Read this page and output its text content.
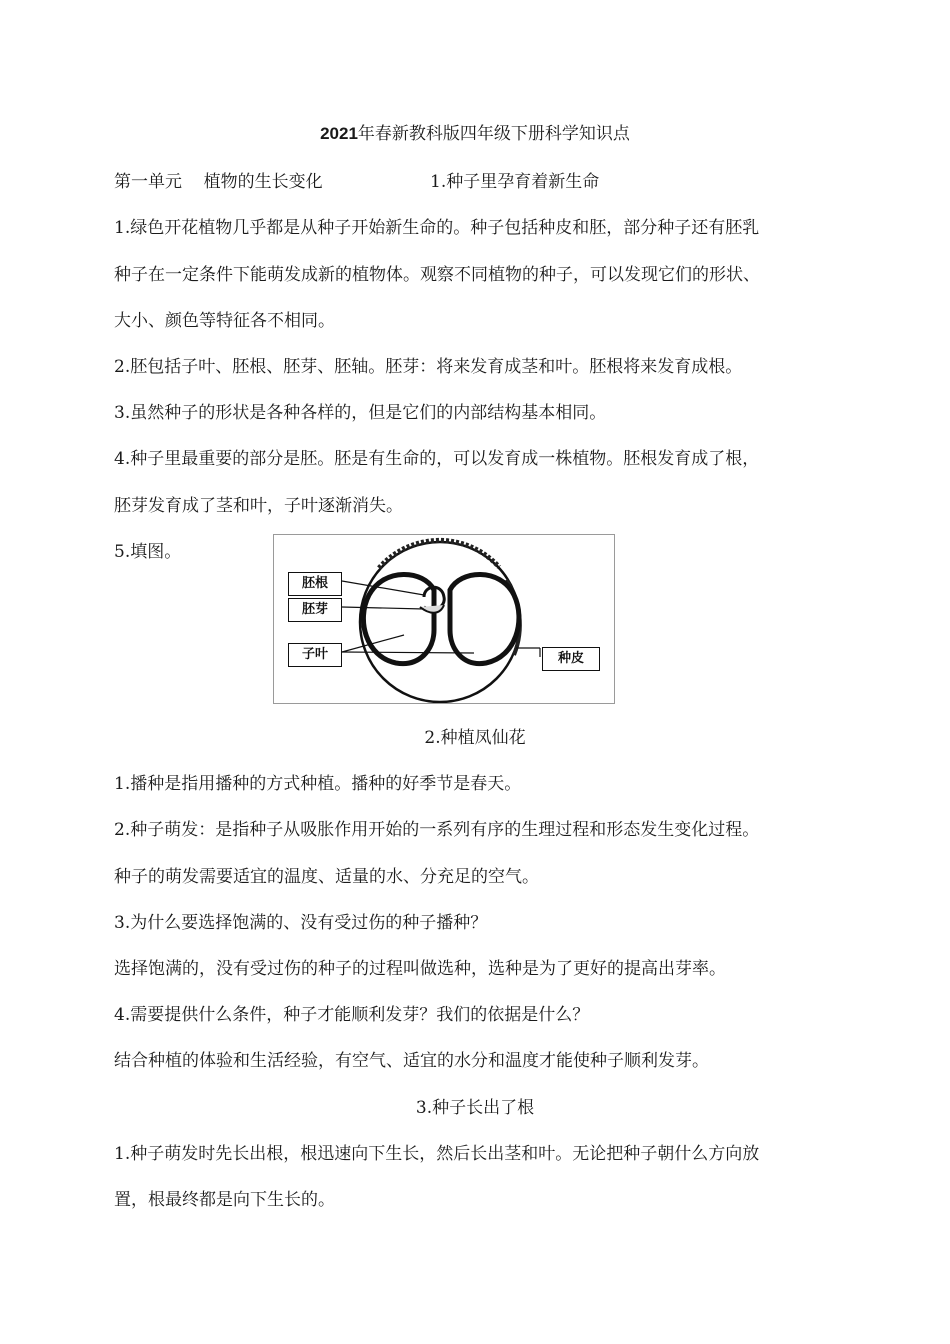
2021年春新教科版四年级下册科学知识点
第一单元    植物的生长变化	1.种子里孕育着新生命
1.绿色开花植物几乎都是从种子开始新生命的。种子包括种皮和胚，部分种子还有胚乳
种子在一定条件下能萌发成新的植物体。观察不同植物的种子，可以发现它们的形状、
大小、颜色等特征各不相同。
2.胚包括子叶、胚根、胚芽、胚轴。胚芽：将来发育成茎和叶。胚根将来发育成根。
3.虽然种子的形状是各种各样的，但是它们的内部结构基本相同。
4.种子里最重要的部分是胚。胚是有生命的，可以发育成一株植物。胚根发育成了根，
胚芽发育成了茎和叶，子叶逐渐消失。
5.填图。
胚根
胚芽
子叶	种皮
2.种植凤仙花
1.播种是指用播种的方式种植。播种的好季节是春天。
2.种子萌发：是指种子从吸胀作用开始的一系列有序的生理过程和形态发生变化过程。
种子的萌发需要适宜的温度、适量的水、分充足的空气。
3.为什么要选择饱满的、没有受过伤的种子播种？
选择饱满的，没有受过伤的种子的过程叫做选种，选种是为了更好的提高出芽率。
4.需要提供什么条件，种子才能顺利发芽？我们的依据是什么？
结合种植的体验和生活经验，有空气、适宜的水分和温度才能使种子顺利发芽。
3.种子长出了根
1.种子萌发时先长出根，根迅速向下生长，然后长出茎和叶。无论把种子朝什么方向放
置，根最终都是向下生长的。
